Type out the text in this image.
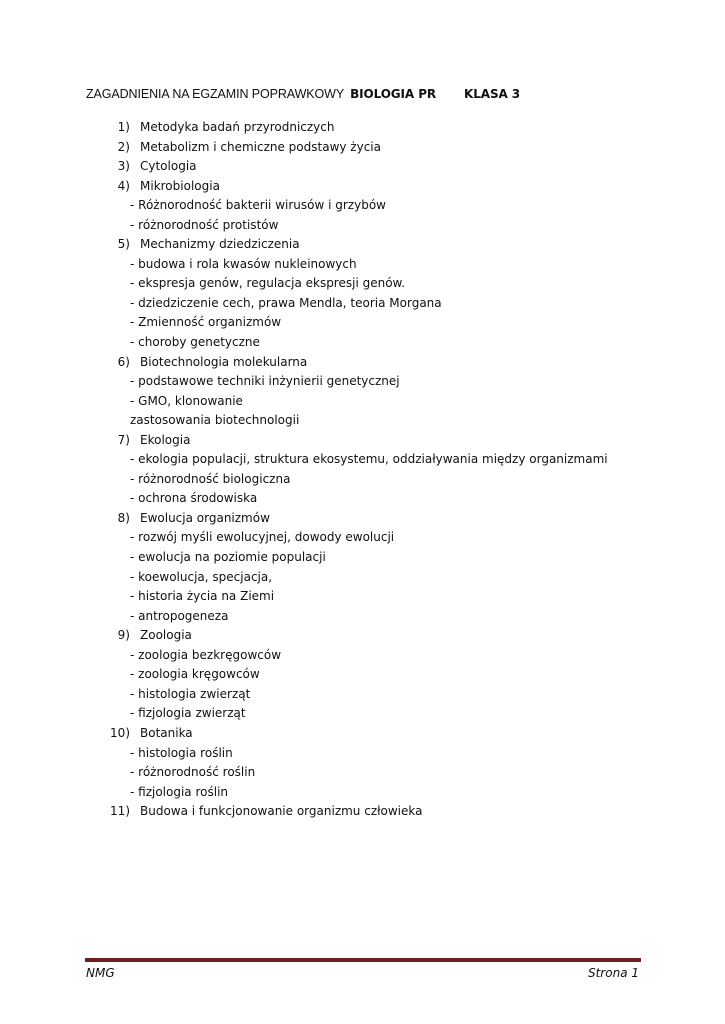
ZAGADNIENIA NA EGZAMIN POPRAWKOWY BIOLOGIA PR KLASA 3
1) Metodyka badań przyrodniczych
2) Metabolizm i chemiczne podstawy życia
3) Cytologia
4) Mikrobiologia
- Różnorodność bakterii wirusów i grzybów
- różnorodność protistów
5) Mechanizmy dziedziczenia
- budowa i rola kwasów nukleinowych
- ekspresja genów, regulacja ekspresji genów.
- dziedziczenie cech, prawa Mendla, teoria Morgana
- Zmienność organizmów
- choroby genetyczne
6) Biotechnologia molekularna
- podstawowe techniki inżynierii genetycznej
- GMO, klonowanie
zastosowania biotechnologii
7) Ekologia
- ekologia populacji, struktura ekosystemu, oddziaływania między organizmami
- różnorodność biologiczna
- ochrona środowiska
8) Ewolucja organizmów
- rozwój myśli ewolucyjnej, dowody ewolucji
- ewolucja na poziomie populacji
- koewolucja, specjacja,
- historia życia na Ziemi
- antropogeneza
9) Zoologia
- zoologia bezkręgowców
- zoologia kręgowców
- histologia zwierząt
- fizjologia zwierząt
10) Botanika
- histologia roślin
- różnorodność roślin
- fizjologia roślin
11) Budowa i funkcjonowanie organizmu człowieka
NMG	Strona 1
